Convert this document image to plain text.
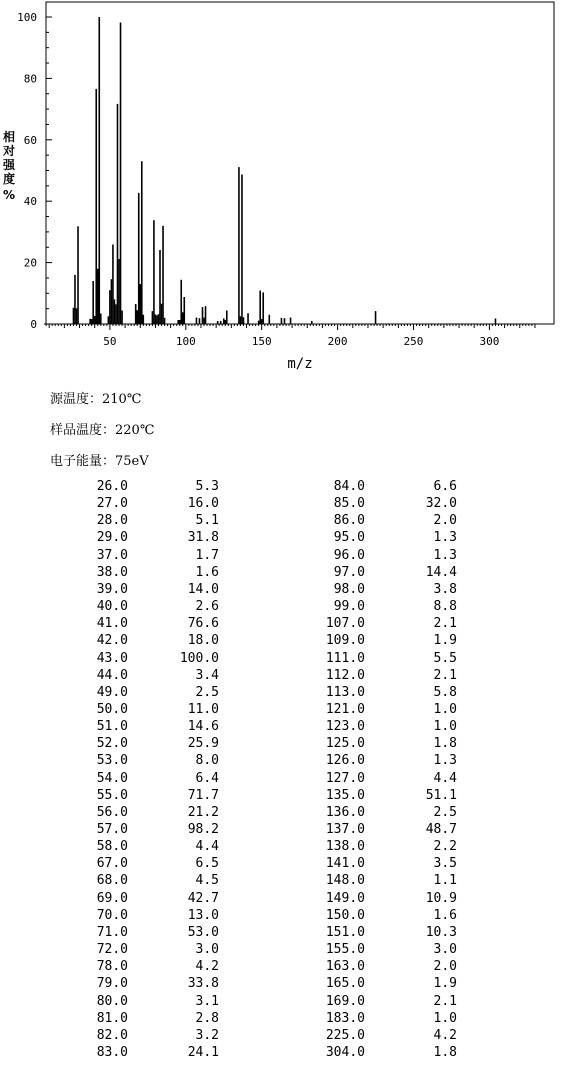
50	100	150	200	250	300
0
20
40
60
80
100
m/z
相
对
强
度
%
源温度：210℃
样品温度：220℃
电子能量：75eV
26.0	5.3	84.0	6.6
27.0	16.0	85.0	32.0
28.0	5.1	86.0	2.0
29.0	31.8	95.0	1.3
37.0	1.7	96.0	1.3
38.0	1.6	97.0	14.4
39.0	14.0	98.0	3.8
40.0	2.6	99.0	8.8
41.0	76.6	107.0	2.1
42.0	18.0	109.0	1.9
43.0	100.0	111.0	5.5
44.0	3.4	112.0	2.1
49.0	2.5	113.0	5.8
50.0	11.0	121.0	1.0
51.0	14.6	123.0	1.0
52.0	25.9	125.0	1.8
53.0	8.0	126.0	1.3
54.0	6.4	127.0	4.4
55.0	71.7	135.0	51.1
56.0	21.2	136.0	2.5
57.0	98.2	137.0	48.7
58.0	4.4	138.0	2.2
67.0	6.5	141.0	3.5
68.0	4.5	148.0	1.1
69.0	42.7	149.0	10.9
70.0	13.0	150.0	1.6
71.0	53.0	151.0	10.3
72.0	3.0	155.0	3.0
78.0	4.2	163.0	2.0
79.0	33.8	165.0	1.9
80.0	3.1	169.0	2.1
81.0	2.8	183.0	1.0
82.0	3.2	225.0	4.2
83.0	24.1	304.0	1.8
